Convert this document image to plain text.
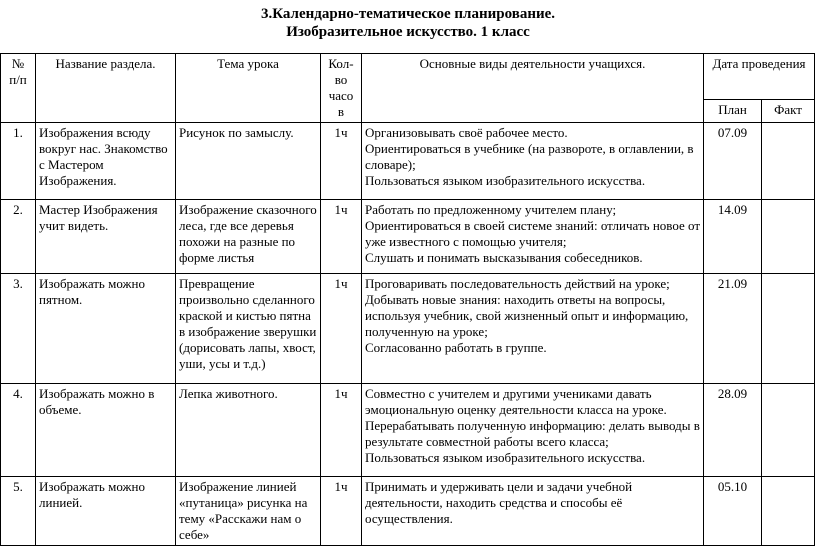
3.Календарно-тематическое планирование.
Изобразительное искусство. 1 класс
№
п/п	Название раздела.	Тема урока	Кол-
во
часо
в	Основные виды деятельности учащихся.	Дата проведения	
					План	Факт
1.	Изображения всюду вокруг нас. Знакомство с Мастером Изображения.	Рисунок по замыслу.	1ч	Организовывать своё рабочее место.
Ориентироваться в учебнике (на развороте, в оглавлении, в словаре);
Пользоваться языком изобразительного искусства.	07.09	
2.	Мастер Изображения учит видеть.	Изображение сказочного леса, где все деревья похожи на разные по форме листья	1ч	Работать по предложенному учителем плану;
Ориентироваться в своей системе знаний: отличать новое от уже известного с помощью учителя;
Слушать и понимать высказывания собеседников.	14.09	
3.	Изображать можно пятном.	Превращение произвольно сделанного краской и кистью пятна в изображение зверушки (дорисовать лапы, хвост, уши, усы и т.д.)	1ч	Проговаривать последовательность действий на уроке;
Добывать новые знания: находить ответы на вопросы, используя учебник, свой жизненный опыт и информацию, полученную на уроке;
Согласованно работать в группе.	21.09	
4.	Изображать можно в объеме.	Лепка животного.	1ч	Совместно с учителем и другими учениками давать эмоциональную оценку деятельности класса на уроке.
Перерабатывать полученную информацию: делать выводы в результате совместной работы всего класса;
Пользоваться языком изобразительного искусства.	28.09	
5.	Изображать можно линией.	Изображение линией «путаница» рисунка на тему «Расскажи нам о себе»	1ч	Принимать и удерживать цели и задачи учебной деятельности, находить средства и способы её осуществления.	05.10	
